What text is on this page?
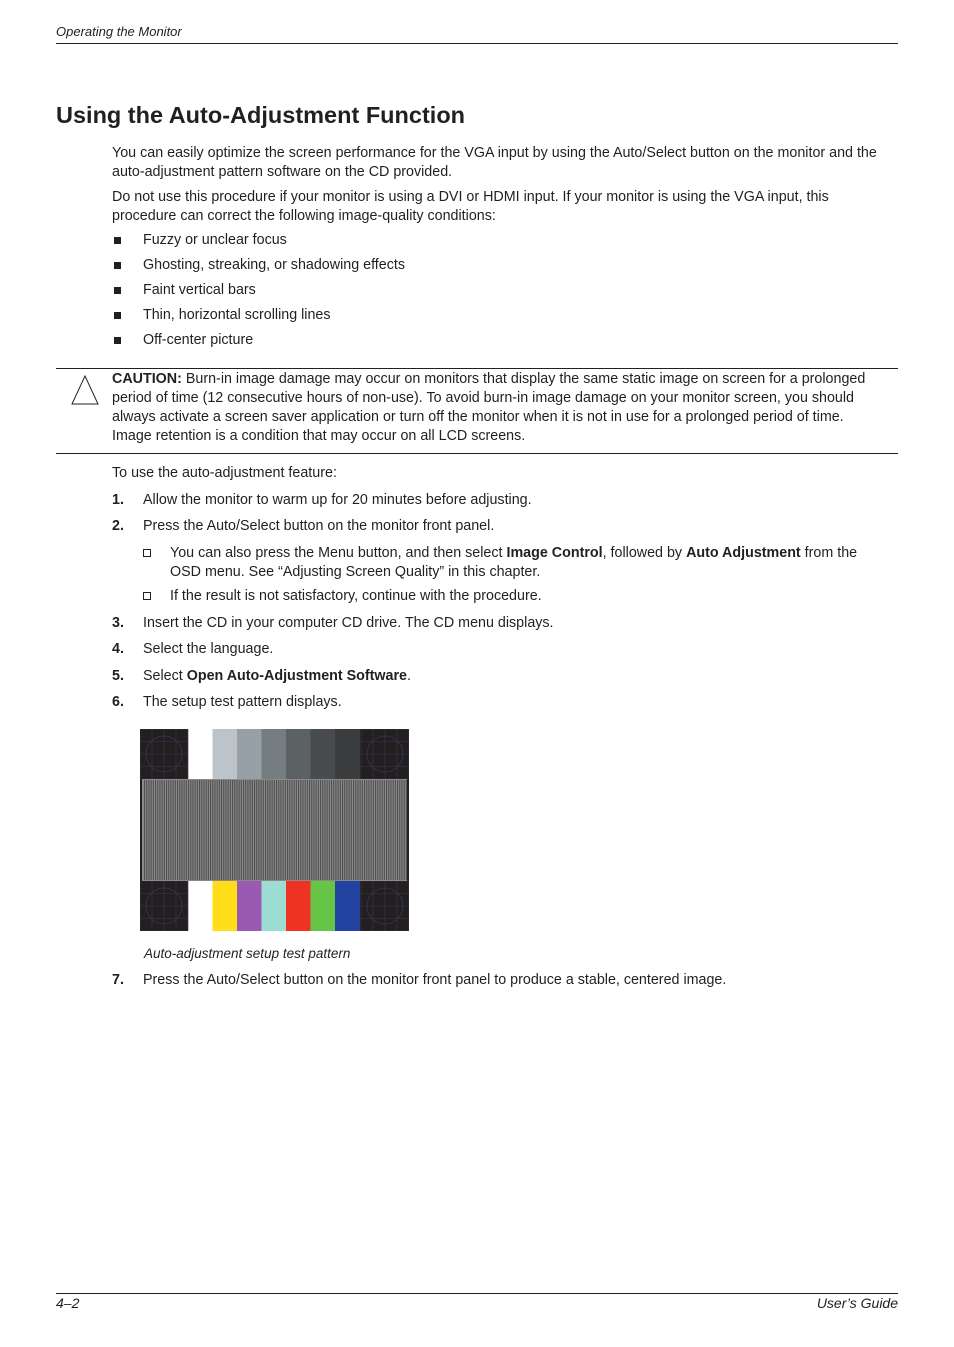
Operating the Monitor
Using the Auto-Adjustment Function

You can easily optimize the screen performance for the VGA input by using the Auto/Select button on the monitor and the auto-adjustment pattern software on the CD provided.

Do not use this procedure if your monitor is using a DVI or HDMI input. If your monitor is using the VGA input, this procedure can correct the following image-quality conditions:

Fuzzy or unclear focus
Ghosting, streaking, or shadowing effects
Faint vertical bars
Thin, horizontal scrolling lines
Off-center picture
CAUTION: Burn-in image damage may occur on monitors that display the same static image on screen for a prolonged period of time (12 consecutive hours of non-use). To avoid burn-in image damage on your monitor screen, you should always activate a screen saver application or turn off the monitor when it is not in use for a prolonged period of time. Image retention is a condition that may occur on all LCD screens.

To use the auto-adjustment feature:

1. Allow the monitor to warm up for 20 minutes before adjusting.
2. Press the Auto/Select button on the monitor front panel.
3. Insert the CD in your computer CD drive. The CD menu displays.
4. Select the language.
5. Select Open Auto-Adjustment Software.
6. The setup test pattern displays.
7. Press the Auto/Select button on the monitor front panel to produce a stable, centered image.
You can also press the Menu button, and then select Image Control, followed by Auto Adjustment from the OSD menu. See “Adjusting Screen Quality” in this chapter.
If the result is not satisfactory, continue with the procedure.
Auto-adjustment setup test pattern
4–2	User’s Guide
